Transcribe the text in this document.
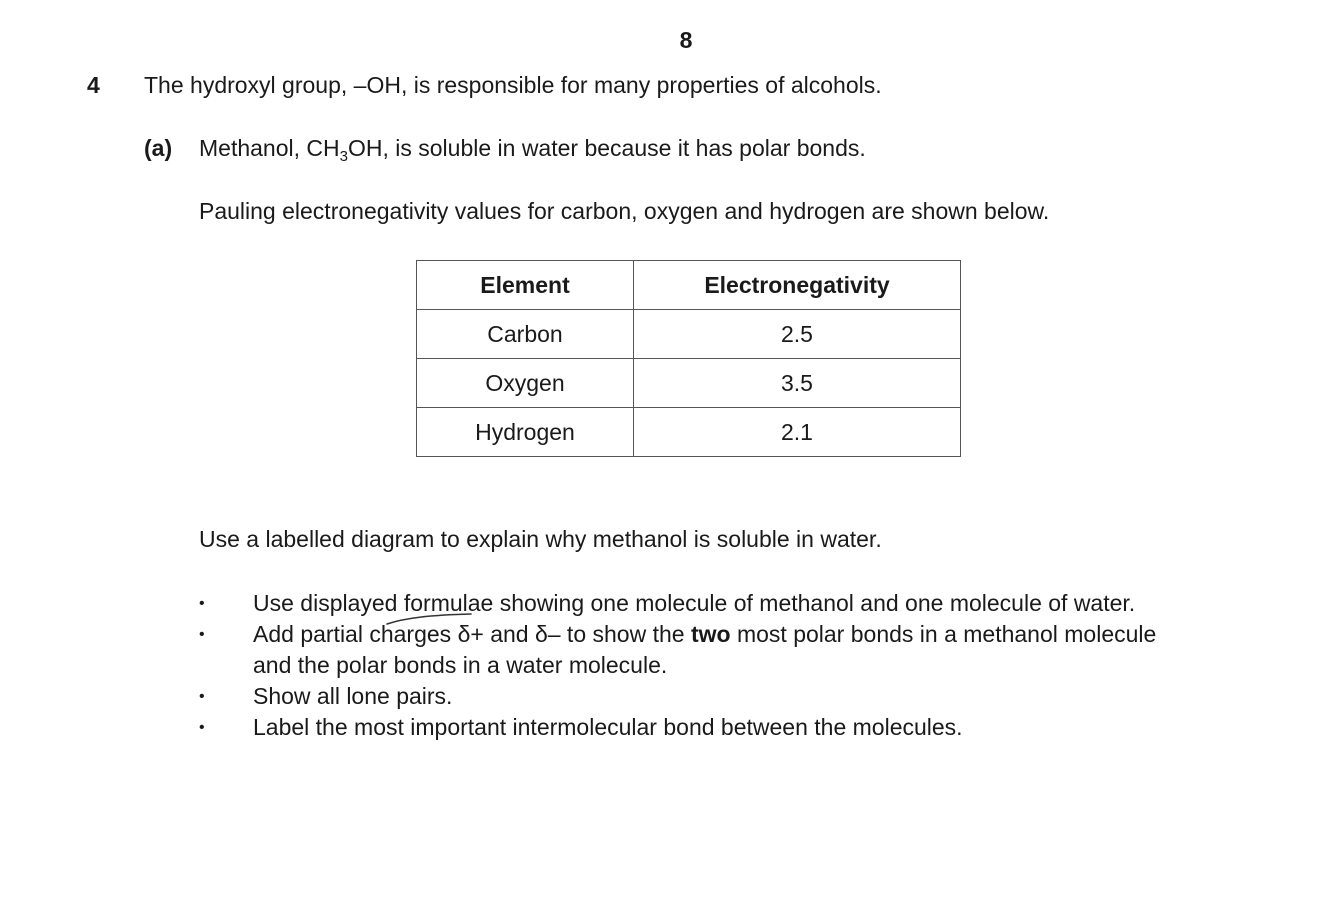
8
4 The hydroxyl group, –OH, is responsible for many properties of alcohols.
(a) Methanol, $CH_3OH$, is soluble in water because it has polar bonds.
Pauling electronegativity values for carbon, oxygen and hydrogen are shown below.
Element	Electronegativity
Carbon	2.5
Oxygen	3.5
Hydrogen	2.1
Use a labelled diagram to explain why methanol is soluble in water.
• Use displayed formulae showing one molecule of methanol and one molecule of water.
• Add partial charges δ+ and δ– to show the two most polar bonds in a methanol molecule
and the polar bonds in a water molecule.
• Show all lone pairs.
• Label the most important intermolecular bond between the molecules.
